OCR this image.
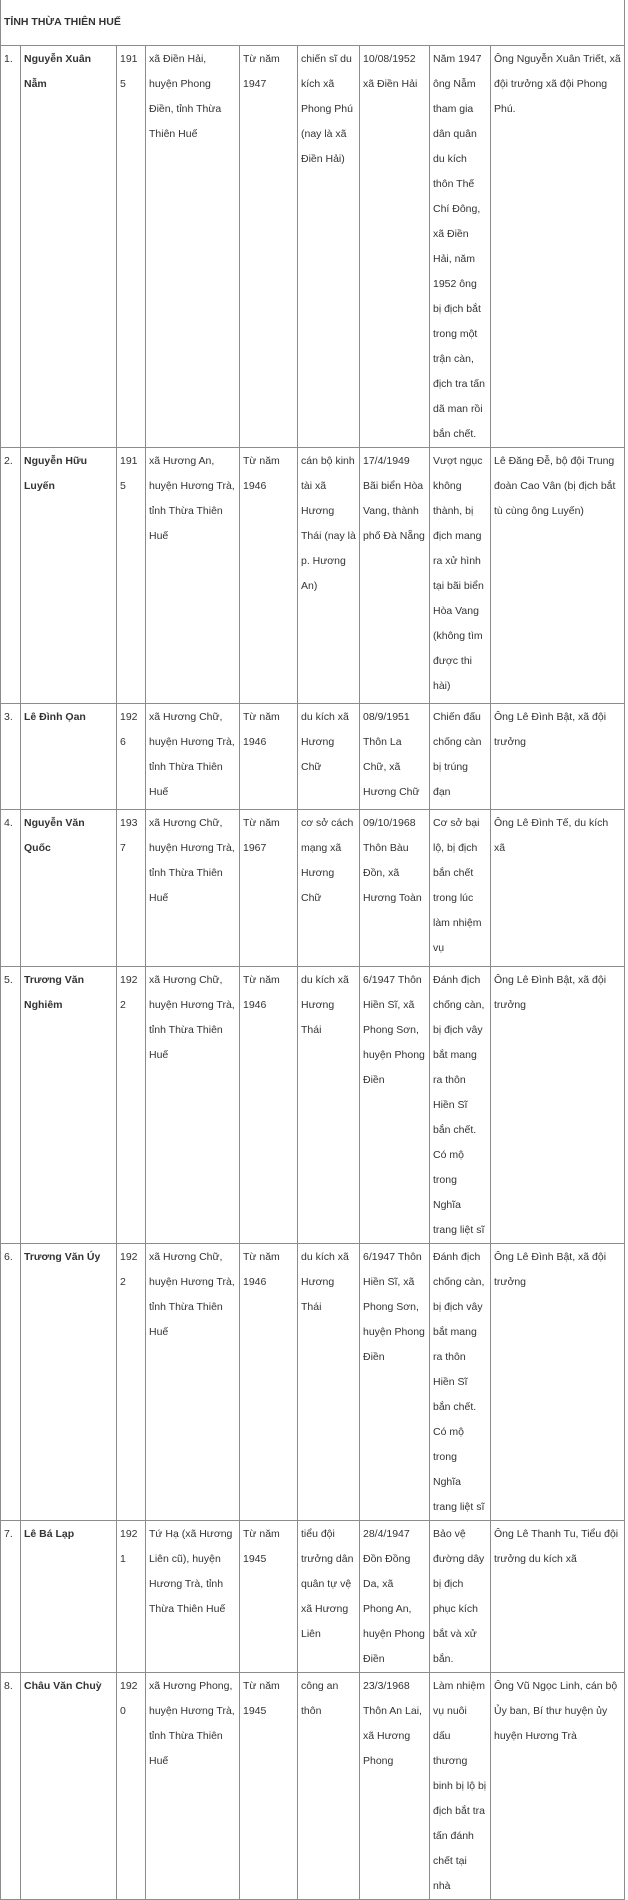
TỈNH THỪA THIÊN HUẾ								
1.	Nguyễn Xuân Nẫm	1915	xã Điền Hải, huyện Phong Điền, tỉnh Thừa Thiên Huế	Từ năm 1947	chiến sĩ du kích xã Phong Phú (nay là xã Điền Hải)	10/08/1952 xã Điền Hải	Năm 1947 ông Nẫm tham gia dân quân du kích thôn Thế Chí Đông, xã Điền Hải, năm 1952 ông bị địch bắt trong một trận càn, địch tra tấn dã man rồi bắn chết.	Ông Nguyễn Xuân Triết, xã đội trưởng xã đội Phong Phú.
2.	Nguyễn Hữu Luyến	1915	xã Hương An, huyện Hương Trà, tỉnh Thừa Thiên Huế	Từ năm 1946	cán bộ kinh tài xã Hương Thái (nay là p. Hương An)	17/4/1949 Bãi biển Hòa Vang, thành phố Đà Nẵng	Vượt ngục không thành, bị địch mang ra xử hình tại bãi biển Hòa Vang (không tìm được thi hài)	Lê Đăng Đễ, bộ đội Trung đoàn Cao Vân (bị địch bắt tù cùng ông Luyến)
3.	Lê Đình Ọan	1926	xã Hương Chữ, huyện Hương Trà, tỉnh Thừa Thiên Huế	Từ năm 1946	du kích xã Hương Chữ	08/9/1951 Thôn La Chữ, xã Hương Chữ	Chiến đấu chống càn bị trúng đạn	Ông Lê Đình Bật, xã đội trưởng
4.	Nguyễn Văn Quốc	1937	xã Hương Chữ, huyện Hương Trà, tỉnh Thừa Thiên Huế	Từ năm 1967	cơ sở cách mạng xã Hương Chữ	09/10/1968 Thôn Bàu Đồn, xã Hương Toàn	Cơ sở bại lộ, bị địch bắn chết trong lúc làm nhiệm vụ	Ông Lê Đình Tế, du kích xã
5.	Trương Văn Nghiêm	1922	xã Hương Chữ, huyện Hương Trà, tỉnh Thừa Thiên Huế	Từ năm 1946	du kích xã Hương Thái	6/1947 Thôn Hiền Sĩ, xã Phong Sơn, huyện Phong Điền	Đánh địch chống càn, bị địch vây bắt mang ra thôn Hiền Sĩ bắn chết. Có mộ trong Nghĩa trang liệt sĩ	Ông Lê Đình Bật, xã đội trưởng
6.	Trương Văn Úy	1922	xã Hương Chữ, huyện Hương Trà, tỉnh Thừa Thiên Huế	Từ năm 1946	du kích xã Hương Thái	6/1947 Thôn Hiền Sĩ, xã Phong Sơn, huyện Phong Điền	Đánh địch chống càn, bị địch vây bắt mang ra thôn Hiền Sĩ bắn chết. Có mộ trong Nghĩa trang liệt sĩ	Ông Lê Đình Bật, xã đội trưởng
7.	Lê Bá Lạp	1921	Tứ Hạ (xã Hương Liên cũ), huyện Hương Trà, tỉnh Thừa Thiên Huế	Từ năm 1945	tiểu đội trưởng dân quân tự vệ xã Hương Liên	28/4/1947 Đồn Đồng Da, xã Phong An, huyện Phong Điền	Bảo vệ đường dây bị địch phục kích bắt và xử bắn.	Ông Lê Thanh Tu, Tiểu đội trưởng du kích xã
8.	Châu Văn Chuỳ	1920	xã Hương Phong, huyện Hương Trà, tỉnh Thừa Thiên Huế	Từ năm 1945	công an thôn	23/3/1968 Thôn An Lai, xã Hương Phong	Làm nhiệm vụ nuôi dấu thương binh bị lộ bị địch bắt tra tấn đánh chết tại nhà	Ông Vũ Ngọc Linh, cán bộ Ủy ban, Bí thư huyện ủy huyện Hương Trà
